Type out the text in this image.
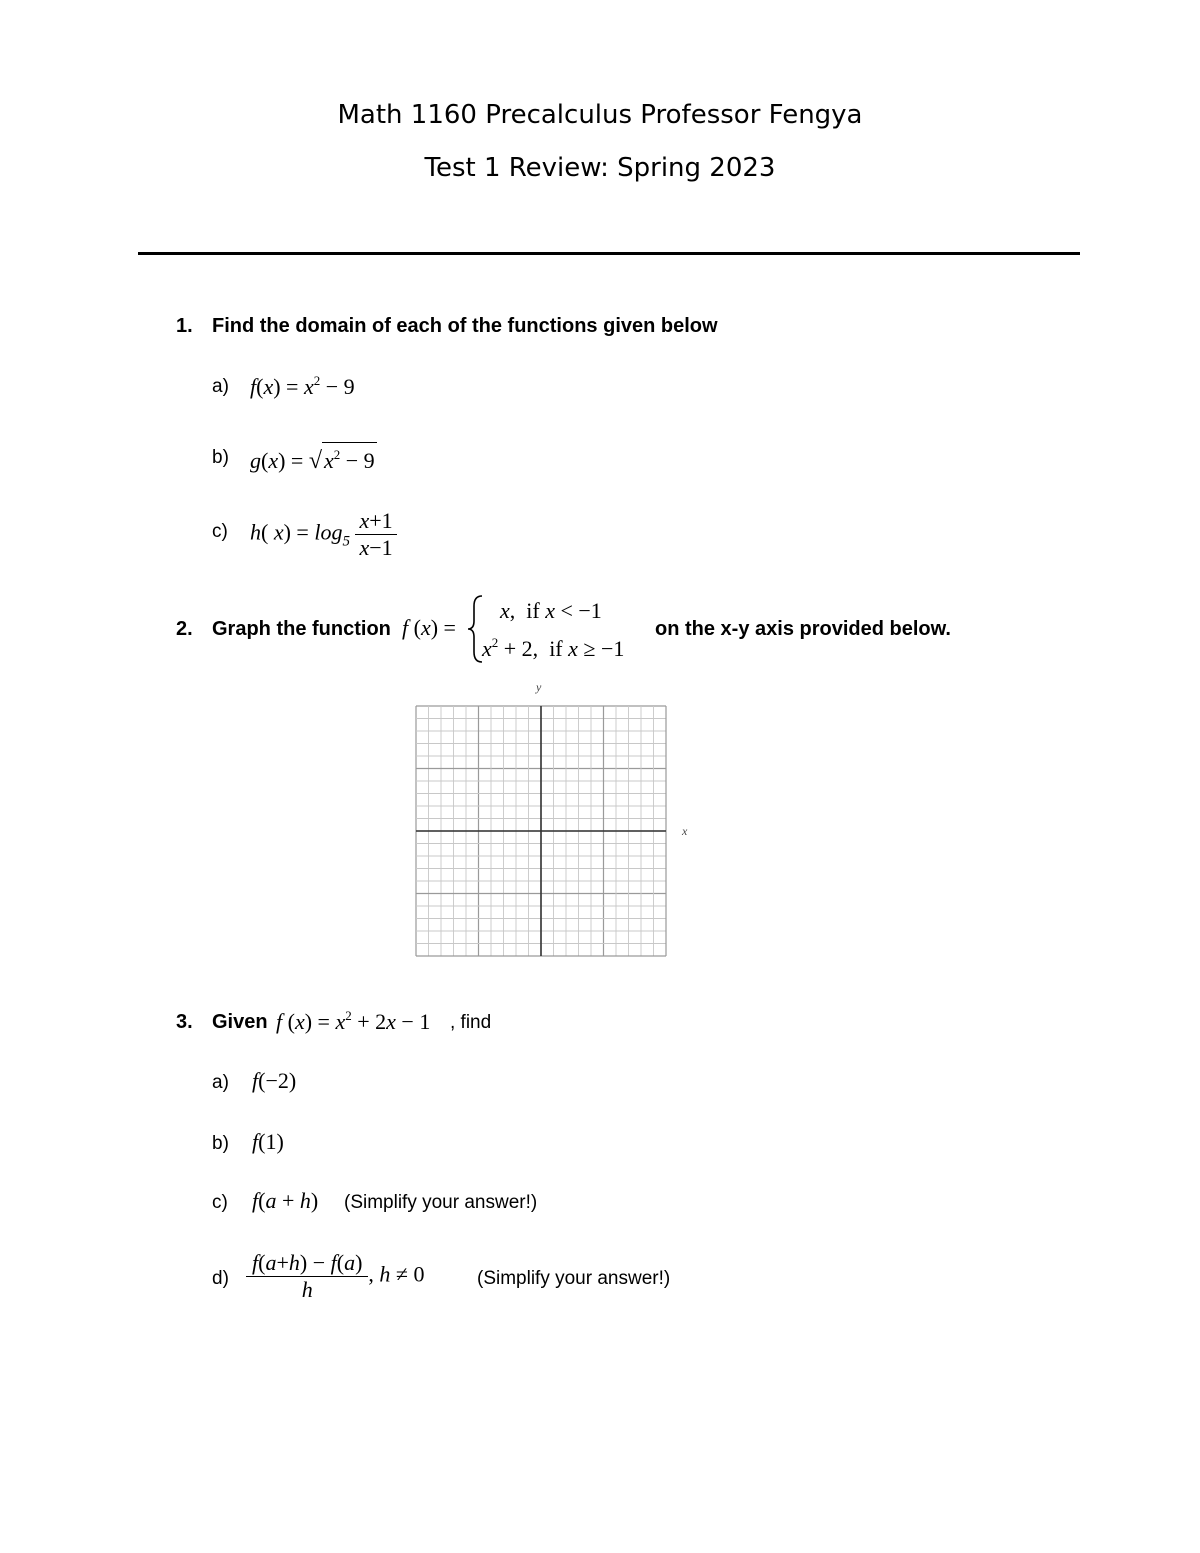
Math 1160 Precalculus Professor Fengya
Test 1 Review: Spring 2023
1. Find the domain of each of the functions given below
a) $f(x) = x^2 - 9$
b) $g(x) = √x^2 - 9$
c) h( $x) = \log_5 \frac{x+1}{x-1}$
2. Graph the function f (x) =
x,  if x < −1
$x^2 + 2$,  if x ≥ −1
on the x-y axis provided below.
y
x
3. Given f $(x) = x^2 + 2x - 1$ , find
a) f(−2)
b) f(1)
c) f(a + h) (Simplify your answer!)
$d) \frac{f(a+h) - f(a)}{h}$ , h ≠ 0	(Simplify your answer!)
